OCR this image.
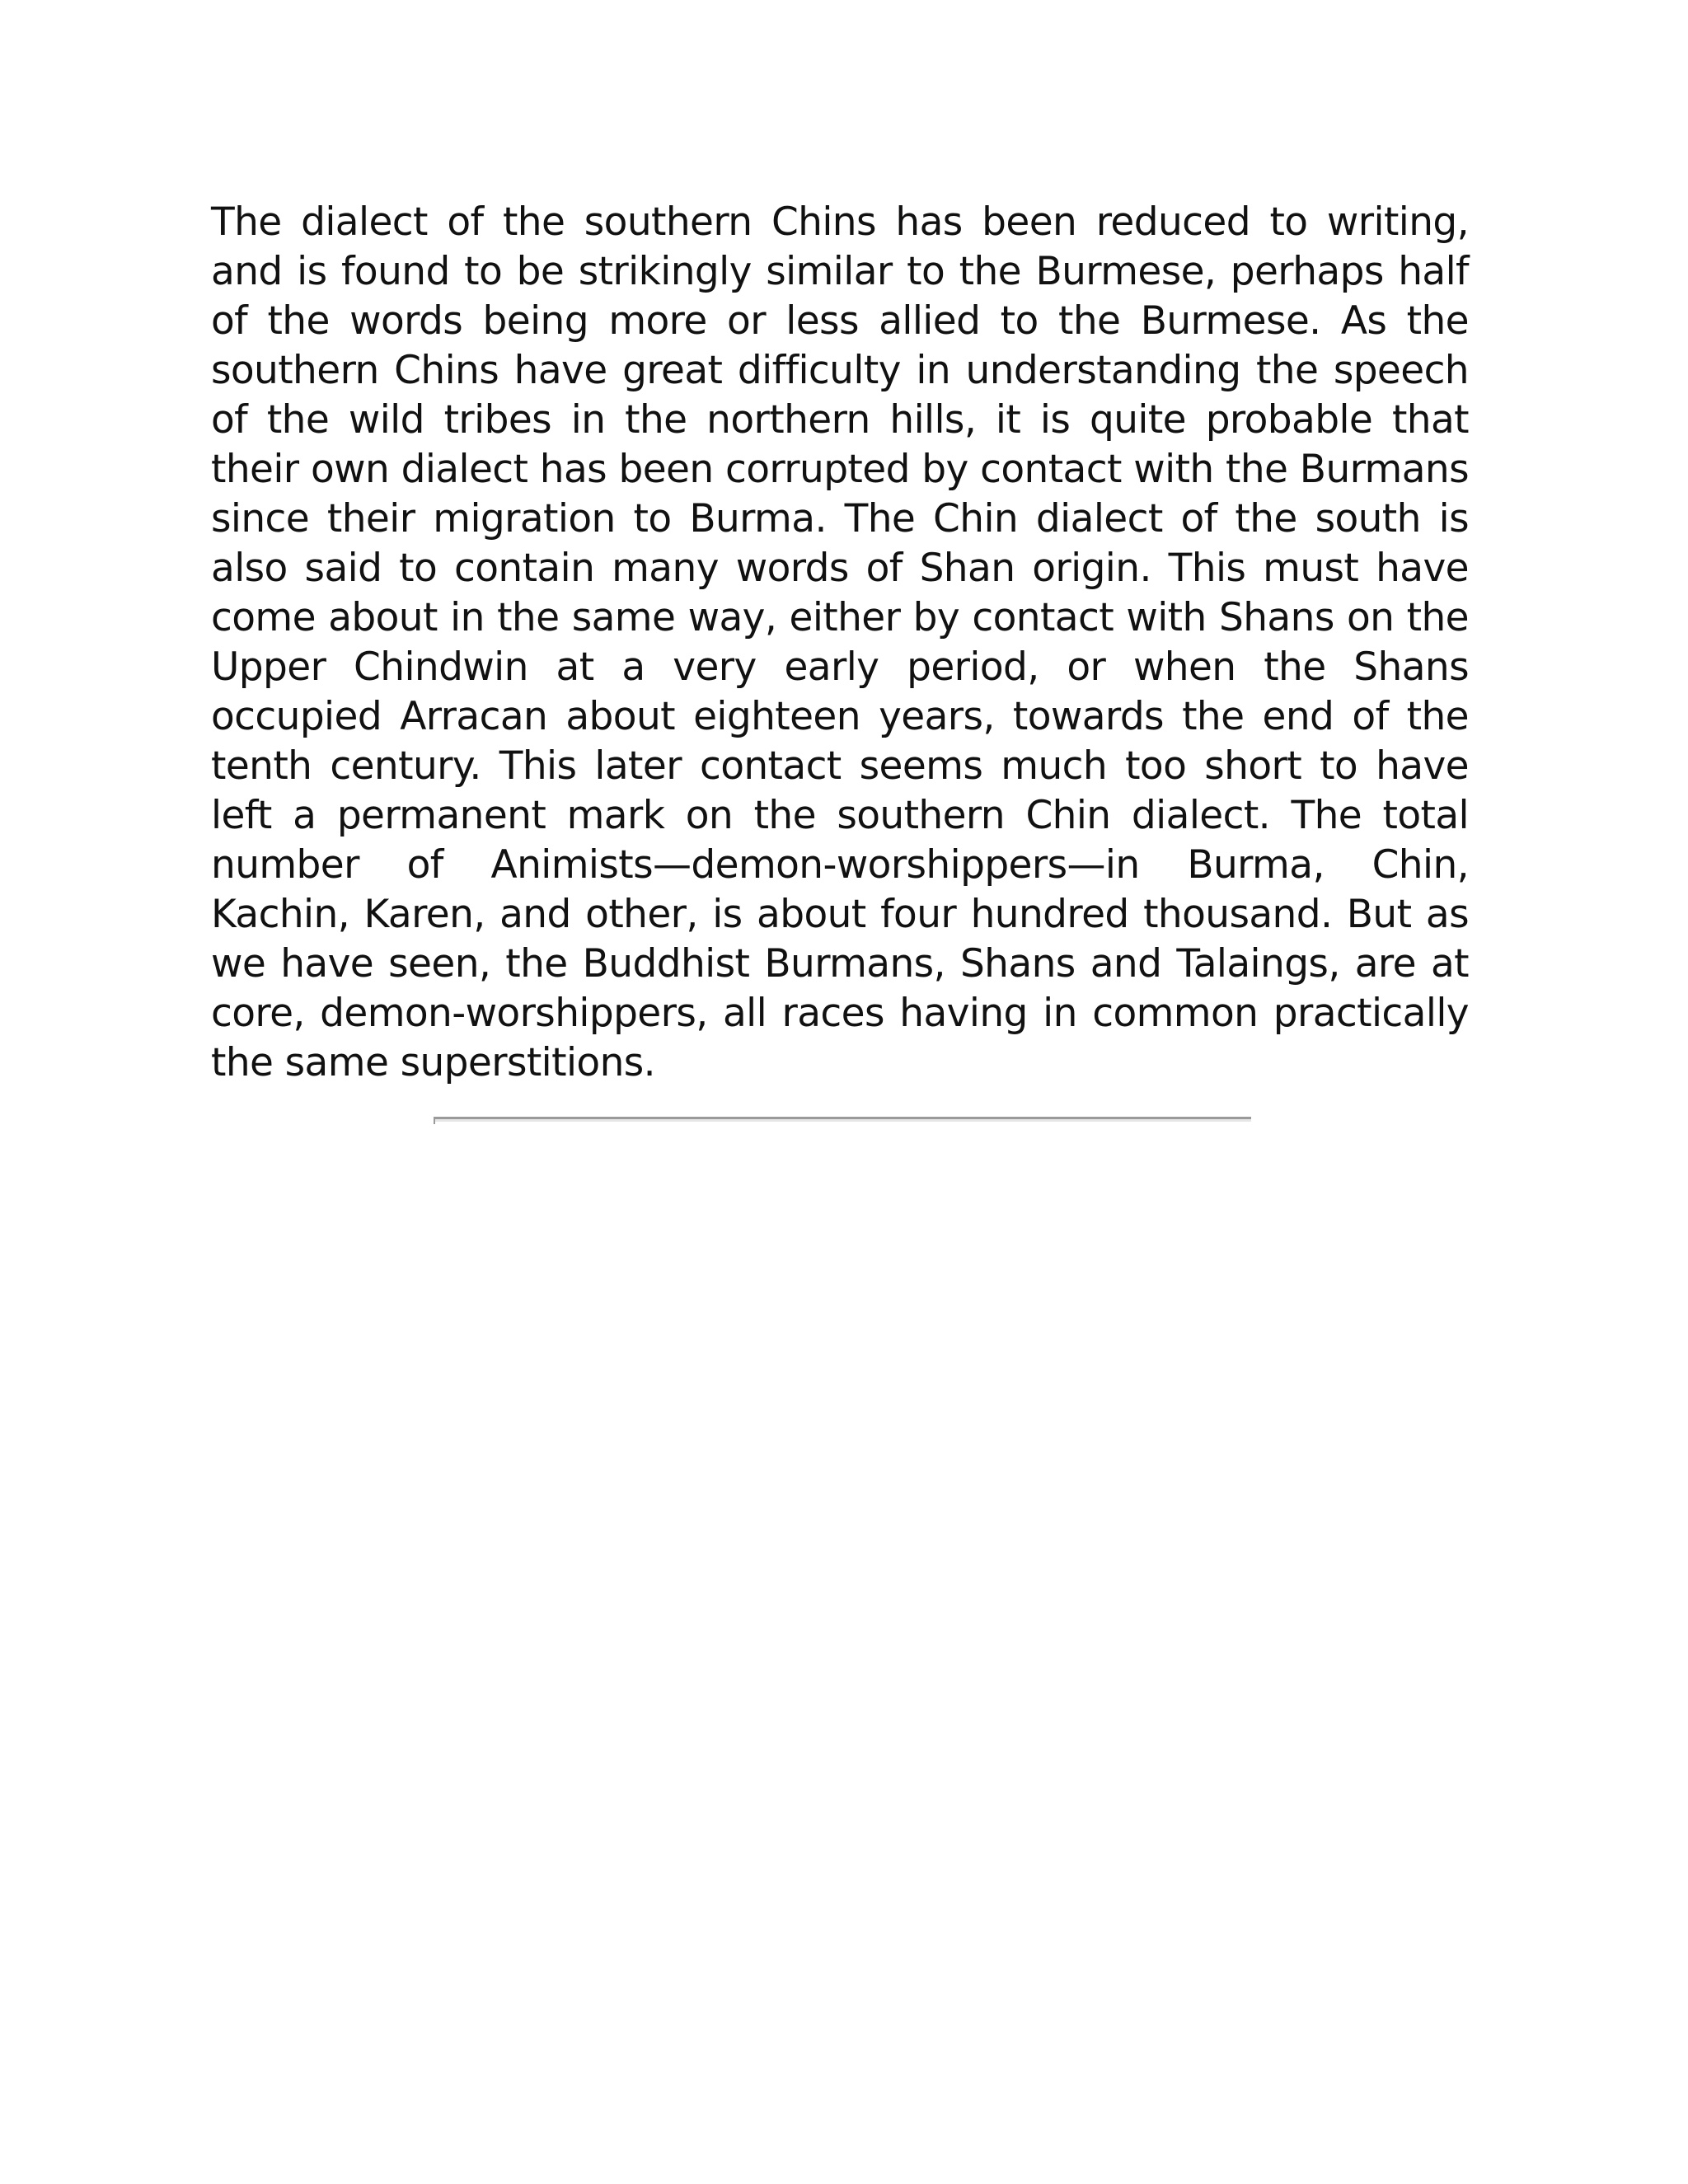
The dialect of the southern Chins has been reduced to writing, and is found to be strikingly similar to the Burmese, perhaps half of the words being more or less allied to the Burmese. As the southern Chins have great difficulty in understanding the speech of the wild tribes in the northern hills, it is quite probable that their own dialect has been corrupted by contact with the Burmans since their migration to Burma. The Chin dialect of the south is also said to contain many words of Shan origin. This must have come about in the same way, either by contact with Shans on the Upper Chindwin at a very early period, or when the Shans occupied Arracan about eighteen years, towards the end of the tenth century. This later contact seems much too short to have left a permanent mark on the southern Chin dialect. The total number of Animists—demon-worshippers—in Burma, Chin, Kachin, Karen, and other, is about four hundred thousand. But as we have seen, the Buddhist Burmans, Shans and Talaings, are at core, demon-worshippers, all races having in common practically the same superstitions.
